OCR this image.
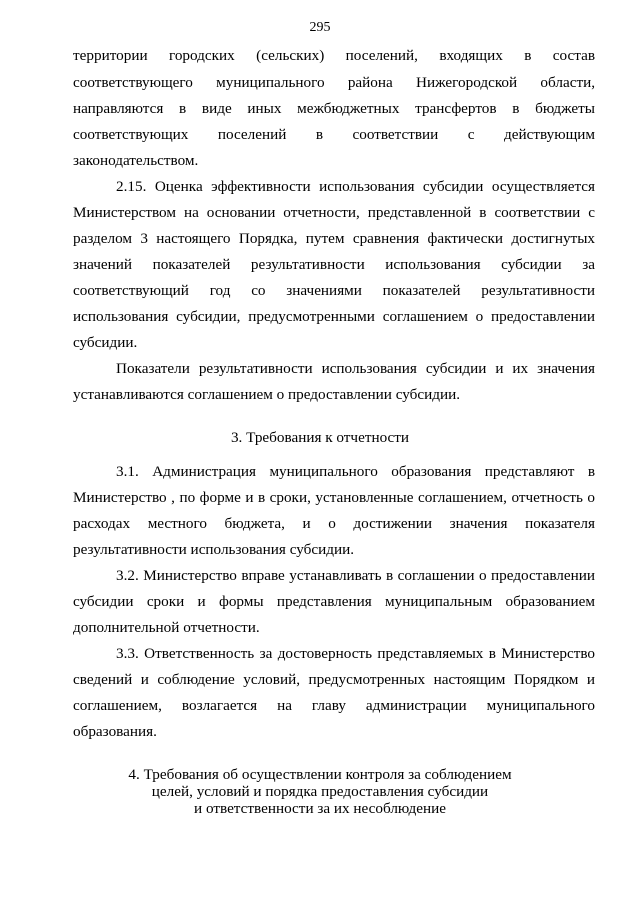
295
территории городских (сельских) поселений, входящих в состав
соответствующего муниципального района Нижегородской области,
направляются в виде иных межбюджетных трансфертов в бюджеты
соответствующих поселений в соответствии с действующим
законодательством.
2.15. Оценка эффективности использования субсидии осуществляется
Министерством на основании отчетности, представленной в соответствии с
разделом 3 настоящего Порядка, путем сравнения фактически достигнутых
значений показателей результативности использования субсидии за
соответствующий год со значениями показателей результативности
использования субсидии, предусмотренными соглашением о предоставлении
субсидии.
Показатели результативности использования субсидии и их значения
устанавливаются соглашением о предоставлении субсидии.
3. Требования к отчетности
3.1. Администрация муниципального образования представляют в
Министерство , по форме и в сроки, установленные соглашением, отчетность о
расходах местного бюджета, и о достижении значения показателя
результативности использования субсидии.
3.2. Министерство вправе устанавливать в соглашении о предоставлении
субсидии сроки и формы представления муниципальным образованием
дополнительной отчетности.
3.3. Ответственность за достоверность представляемых в Министерство
сведений и соблюдение условий, предусмотренных настоящим Порядком и
соглашением, возлагается на главу администрации муниципального
образования.
4. Требования об осуществлении контроля за соблюдением
целей, условий и порядка предоставления субсидии
и ответственности за их несоблюдение
